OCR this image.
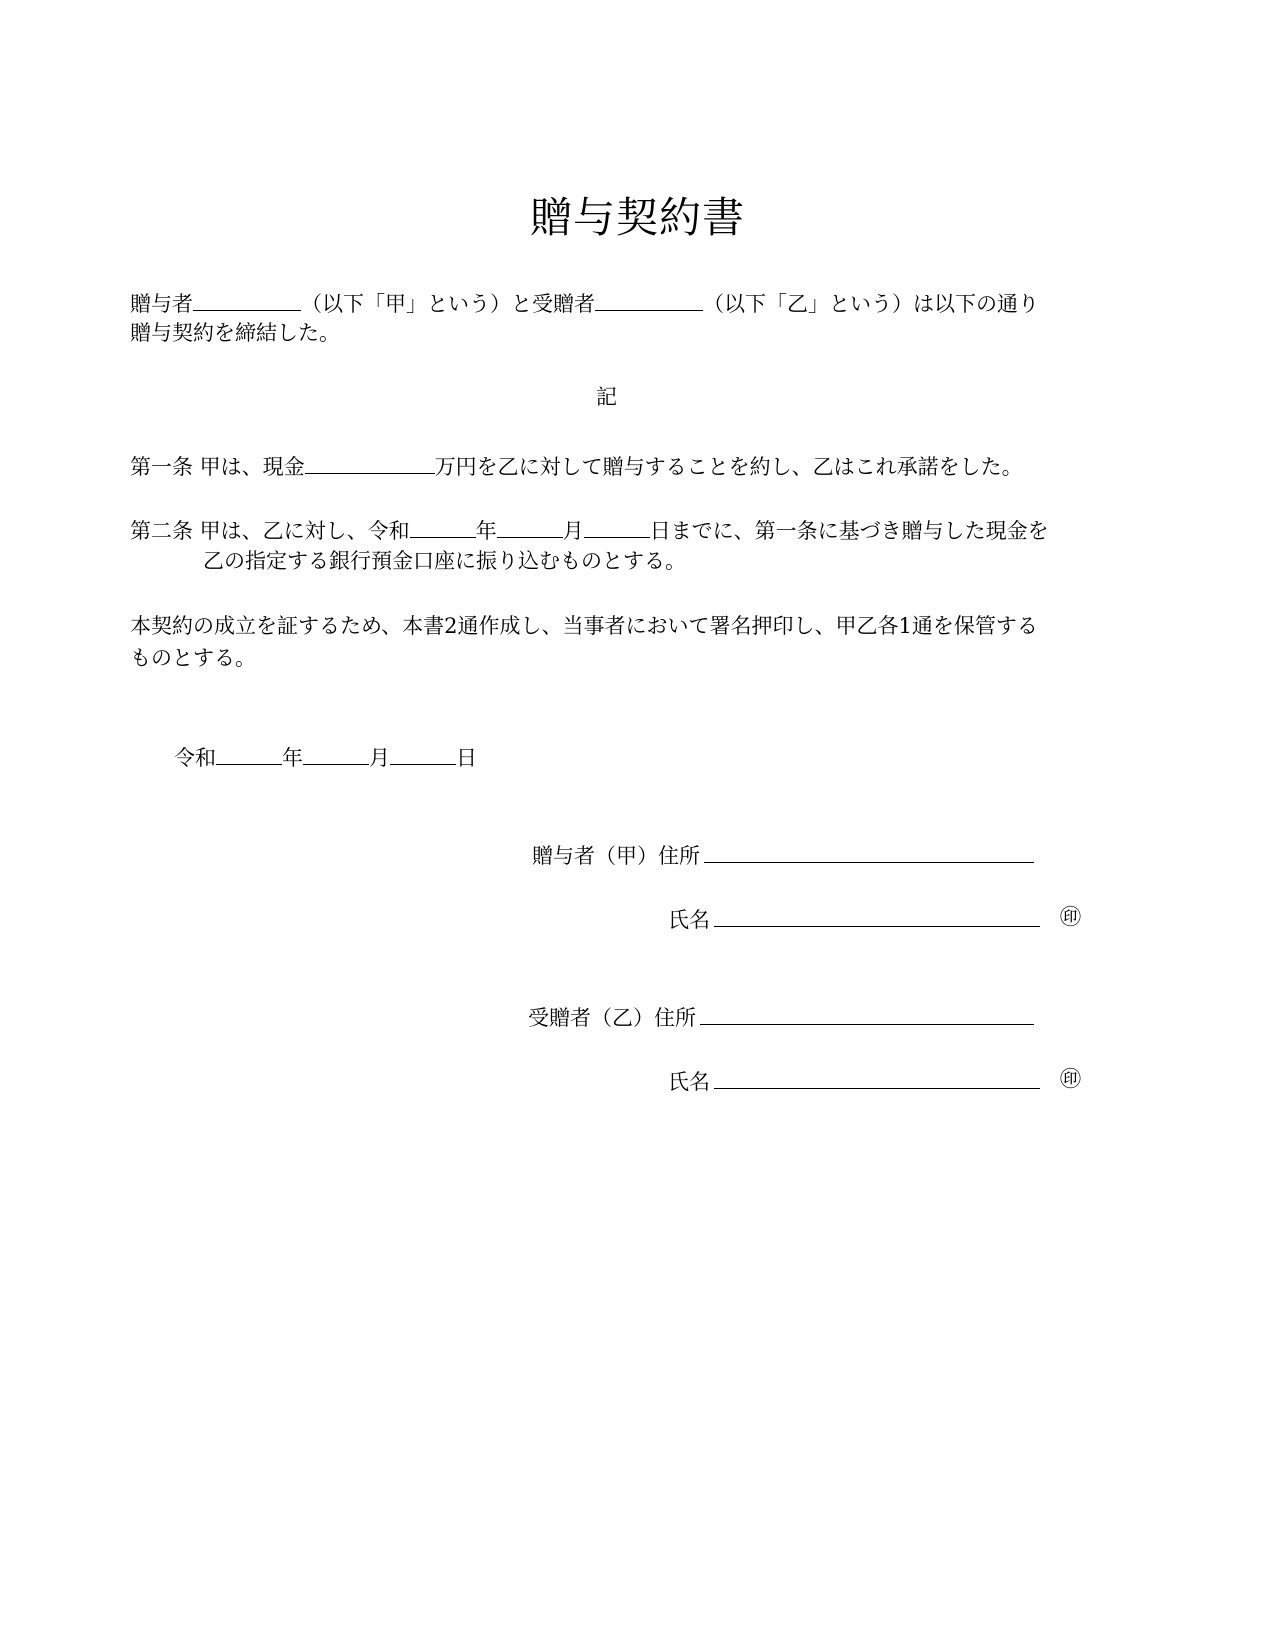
贈与契約書
贈与者	（以下「甲」という）と受贈者	（以下「乙」という）は以下の通り
贈与契約を締結した。
記
第一条 甲は、現金	万円を乙に対して贈与することを約し、乙はこれ承諾をした。
第二条 甲は、乙に対し、令和	年	月	日までに、第一条に基づき贈与した現金を
乙の指定する銀行預金口座に振り込むものとする。
本契約の成立を証するため、本書2通作成し、当事者において署名押印し、甲乙各1通を保管する
ものとする。
令和	年	月	日
贈与者（甲）住所
氏名	㊞
受贈者（乙）住所
氏名	㊞
